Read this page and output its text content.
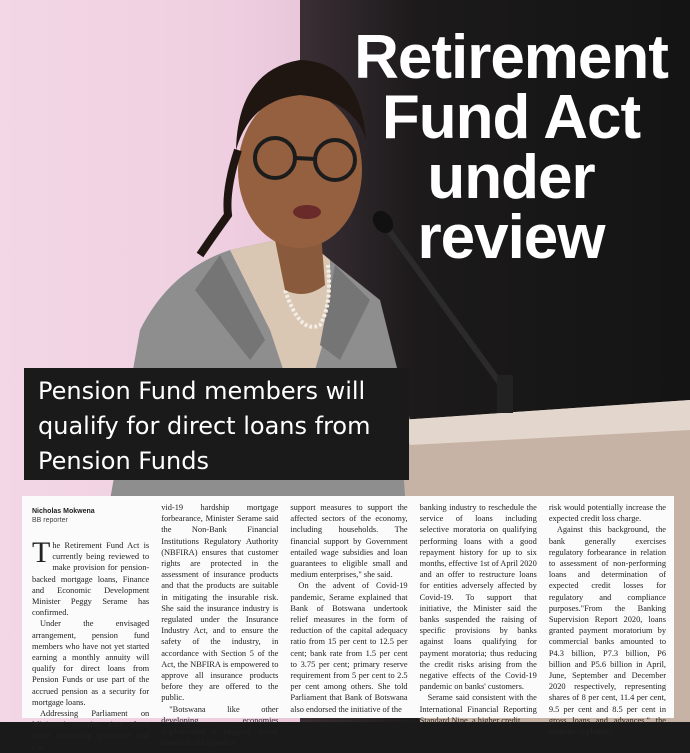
Retirement
Fund Act
under
review
Pension Fund members will
qualify for direct loans from
Pension Funds
Nicholas Mokwena
BB reporter

The Retirement Fund Act is currently being reviewed to make provision for pension-backed mortgage loans, Finance and Economic Development Minister Peggy Serame has confirmed.

Under the envisaged arrangement, pension fund members who have not yet started earning a monthly annuity will qualify for direct loans from Pension Funds or use part of the accrued pension as a security for mortgage loans.

Addressing Parliament on Ministers' question time about home ownership protection and Co-

vid-19 hardship mortgage forbearance, Minister Serame said the Non-Bank Financial Institutions Regulatory Authority (NBFIRA) ensures that customer rights are protected in the assessment of insurance products and that the products are suitable in mitigating the insurable risk. She said the insurance industry is regulated under the Insurance Industry Act, and to ensure the safety of the industry, in accordance with Section 5 of the Act, the NBFIRA is empowered to approve all insurance products before they are offered to the public.

"Botswana like other developing economies implemented a targeted fiscal, financial and liquidity

support measures to support the affected sectors of the economy, including households. The financial support by Government entailed wage subsidies and loan guarantees to eligible small and medium enterprises," she said.

On the advent of Covid-19 pandemic, Serame explained that Bank of Botswana undertook relief measures in the form of reduction of the capital adequacy ratio from 15 per cent to 12.5 per cent; bank rate from 1.5 per cent to 3.75 per cent; primary reserve requirement from 5 per cent to 2.5 per cent among others. She told Parliament that Bank of Botswana also endorsed the initiative of the

banking industry to reschedule the service of loans including selective moratoria on qualifying performing loans with a good repayment history for up to six months, effective 1st of April 2020 and an offer to restructure loans for entities adversely affected by Covid-19. To support that initiative, the Minister said the banks suspended the raising of specific provisions by banks against loans qualifying for payment moratoria; thus reducing the credit risks arising from the negative effects of the Covid-19 pandemic on banks' customers.

Serame said consistent with the International Financial Reporting Standard Nine, a higher credit

risk would potentially increase the expected credit loss charge.

Against this background, the bank generally exercises regulatory forbearance in relation to assessment of non-performing loans and determination of expected credit losses for regulatory and compliance purposes."From the Banking Supervision Report 2020, loans granted payment moratorium by commercial banks amounted to P4.3 billion, P7.3 billion, P6 billion and P5.6 billion in April, June, September and December 2020 respectively, representing shares of 8 per cent, 11.4 per cent, 9.5 per cent and 8.5 per cent in gross loans and advances," the minister explained.
